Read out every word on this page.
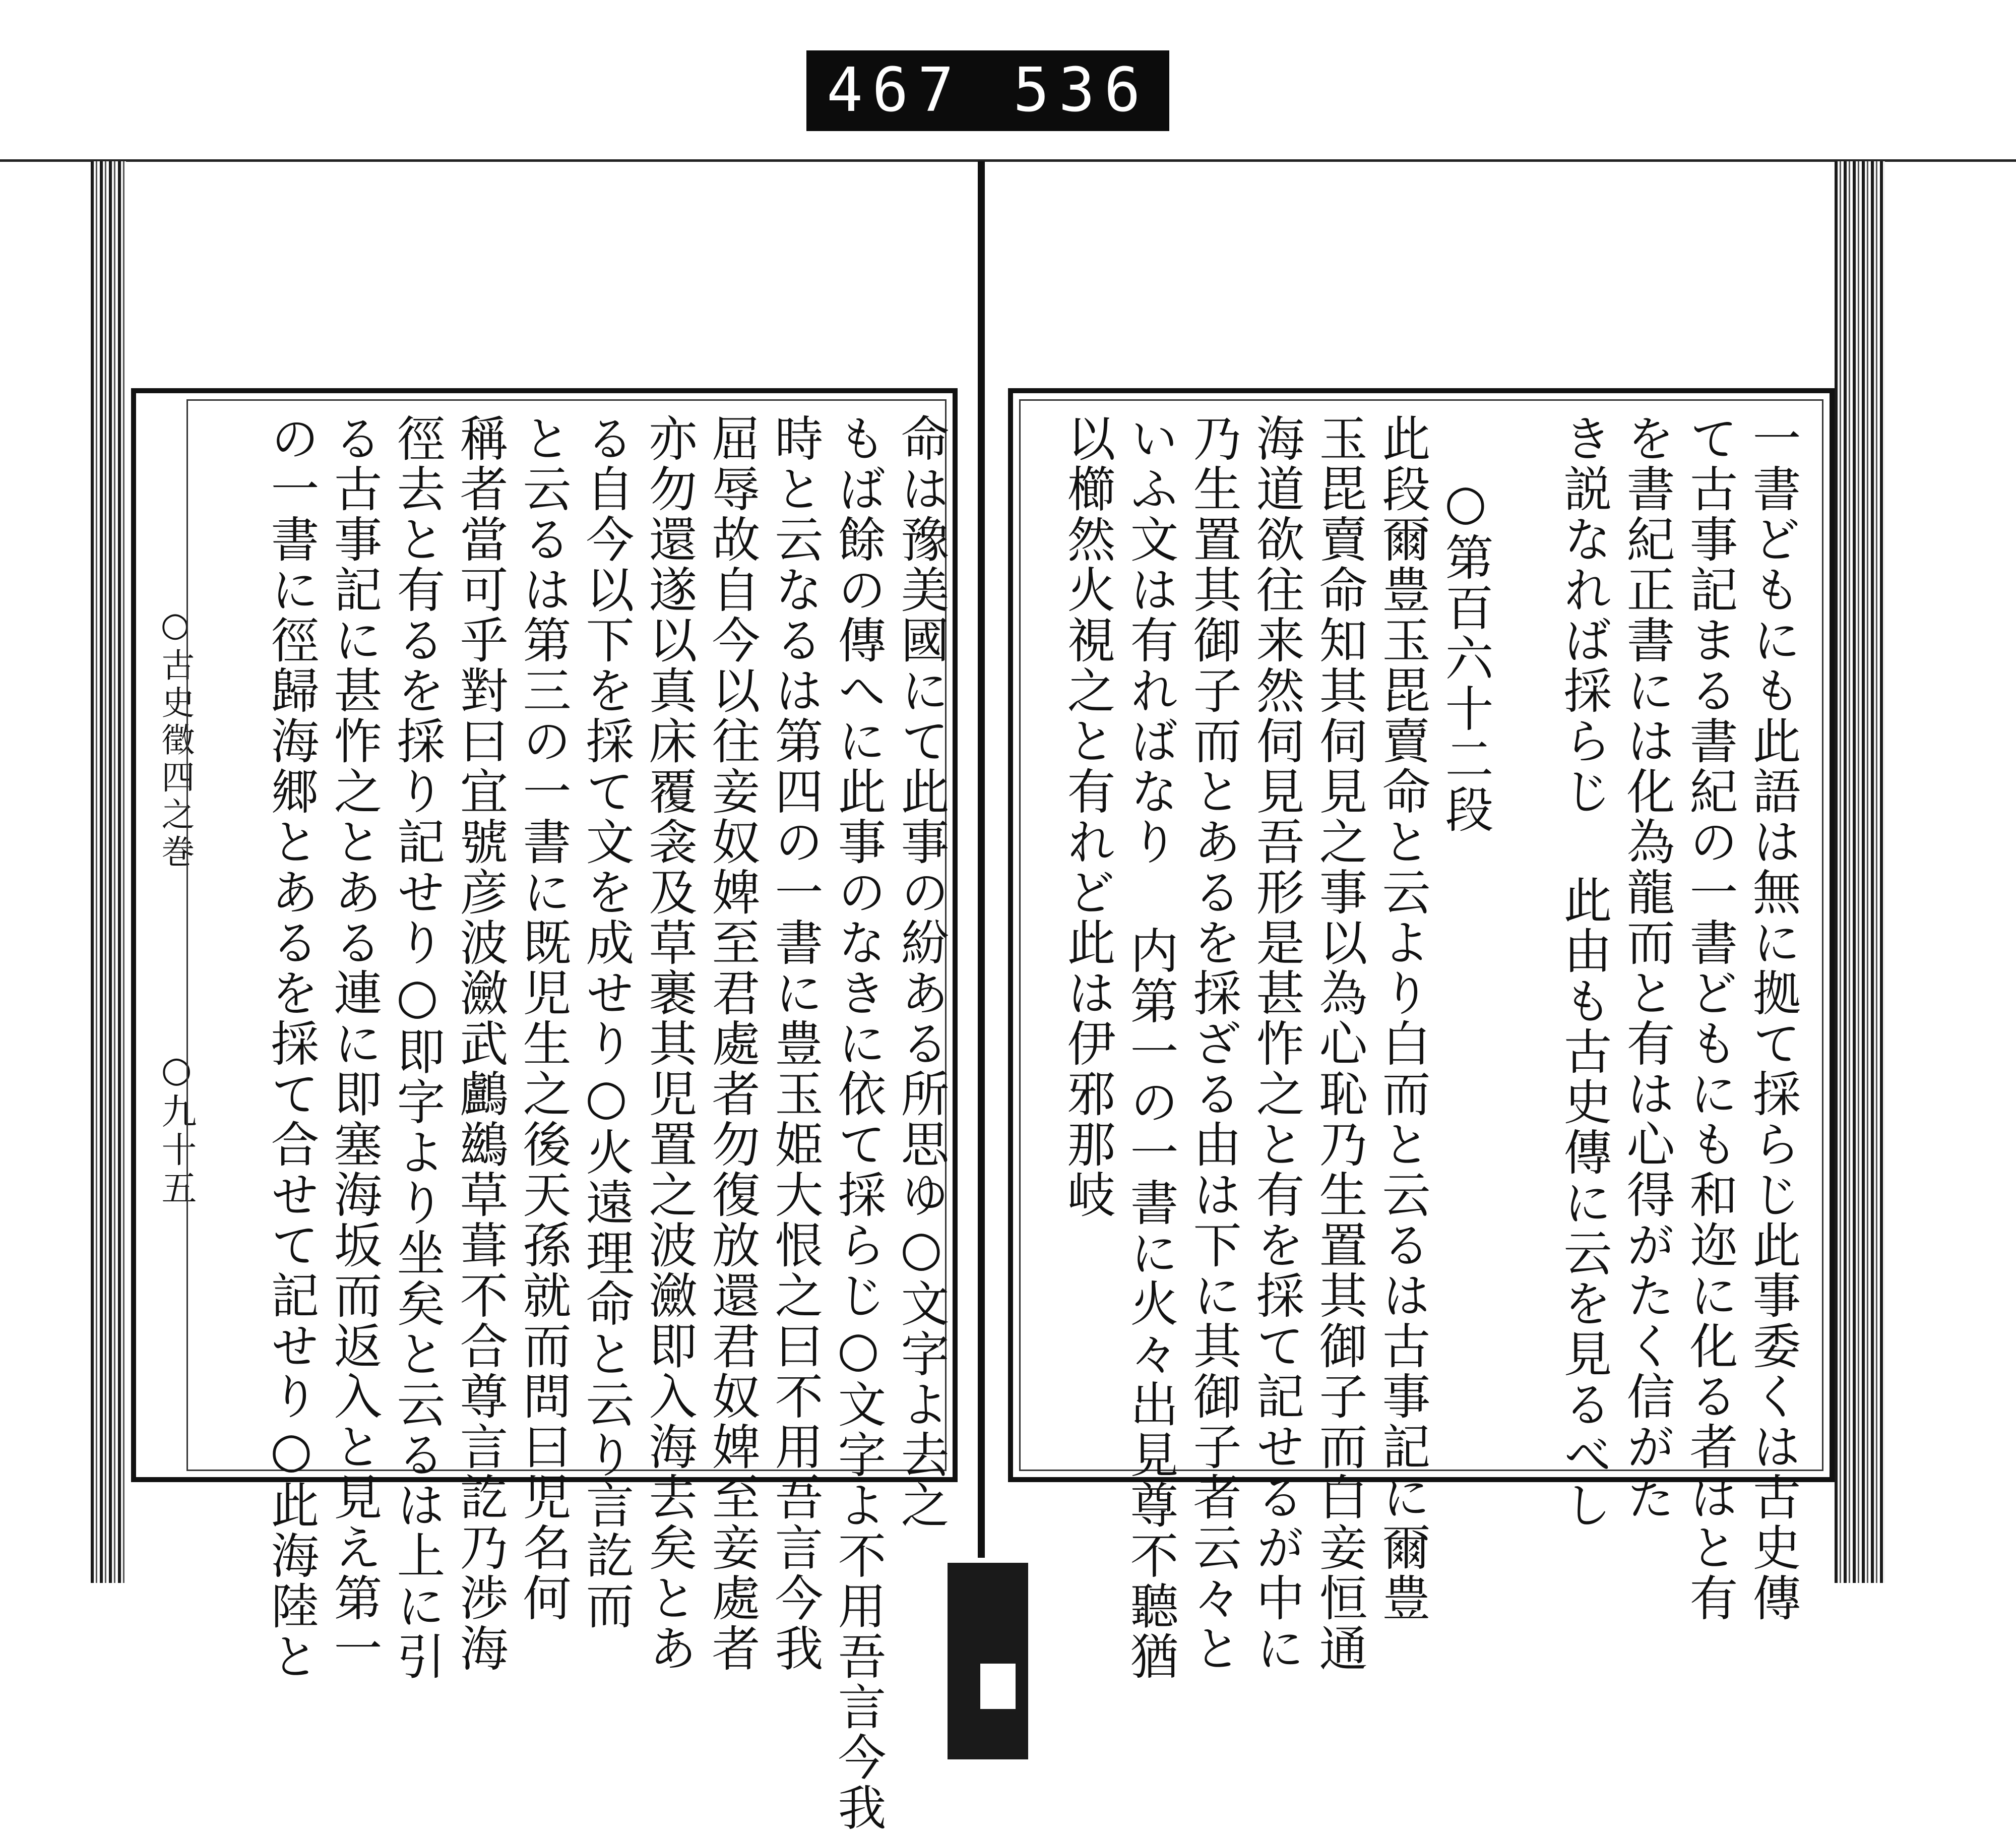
467 536
○古史徵四之巻
○九十五	命は豫美國にて此事の紛ある所思ゆ○文字よ去之
もば餘の傳へに此事のなきに依て採らじ○文字よ不用吾言今我
時と云なるは第四の一書に豊玉姫大恨之曰不用吾言今我
屈辱故自今以往妾奴婢至君處者勿復放還君奴婢至妾處者
亦勿還遂以真床覆衾及草裹其児置之波瀲即入海去矣とあ
る自今以下を採て文を成せり○火遠理命と云り言訖而
と云るは第三の一書に既児生之後天孫就而問曰児名何
稱者當可乎對曰宜號彦波瀲武鸕鷀草葺不合尊言訖乃渉海
徑去と有るを採り記せり○即字より坐矣と云るは上に引
る古事記に甚怍之とある連に即塞海坂而返入と見え第一
の一書に徑歸海郷とあるを採て合せて記せり○此海陸と	一書どもにも此語は無に拠て採らじ此事委くは古史傳
て古事記まる書紀の一書どもにも和迩に化る者はと有
を書紀正書には化為龍而と有は心得がたく信がた
き説なれば採らじ 此由も古史傳に云を見るべし
○第百六十二段
此段爾豊玉毘賣命と云より白而と云るは古事記に爾豊
玉毘賣命知其伺見之事以為心恥乃生置其御子而白妾恒通
海道欲往来然伺見吾形是甚怍之と有を採て記せるが中に
乃生置其御子而とあるを採ざる由は下に其御子者云々と
いふ文は有ればなり 内第一の一書に火々出見尊不聽猶
以櫛然火視之と有れど此は伊邪那岐
